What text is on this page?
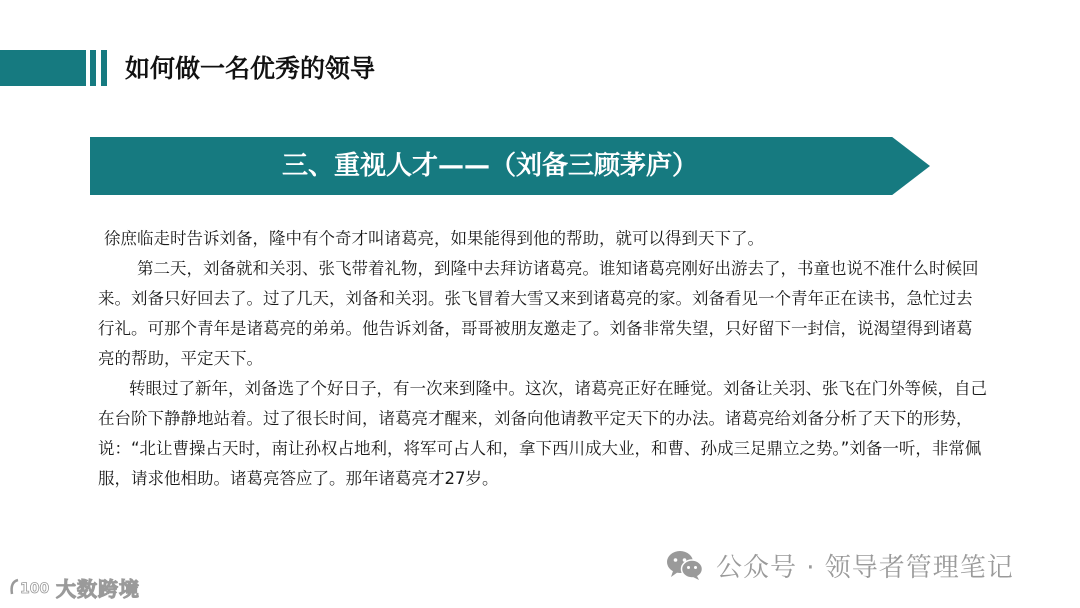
如何做一名优秀的领导
三、重视人才——（刘备三顾茅庐）

徐庶临走时告诉刘备，隆中有个奇才叫诸葛亮，如果能得到他的帮助，就可以得到天下了。

第二天，刘备就和关羽、张飞带着礼物，到隆中去拜访诸葛亮。谁知诸葛亮刚好出游去了，书童也说不准什么时候回来。刘备只好回去了。过了几天，刘备和关羽。张飞冒着大雪又来到诸葛亮的家。刘备看见一个青年正在读书，急忙过去行礼。可那个青年是诸葛亮的弟弟。他告诉刘备，哥哥被朋友邀走了。刘备非常失望，只好留下一封信，说渴望得到诸葛亮的帮助，平定天下。

转眼过了新年，刘备选了个好日子，有一次来到隆中。这次，诸葛亮正好在睡觉。刘备让关羽、张飞在门外等候，自己在台阶下静静地站着。过了很长时间，诸葛亮才醒来，刘备向他请教平定天下的办法。诸葛亮给刘备分析了天下的形势，说：“北让曹操占天时，南让孙权占地利，将军可占人和，拿下西川成大业，和曹、孙成三足鼎立之势。”刘备一听，非常佩服，请求他相助。诸葛亮答应了。那年诸葛亮才27岁。

公众号 · 领导者管理笔记
100 大数跨境
